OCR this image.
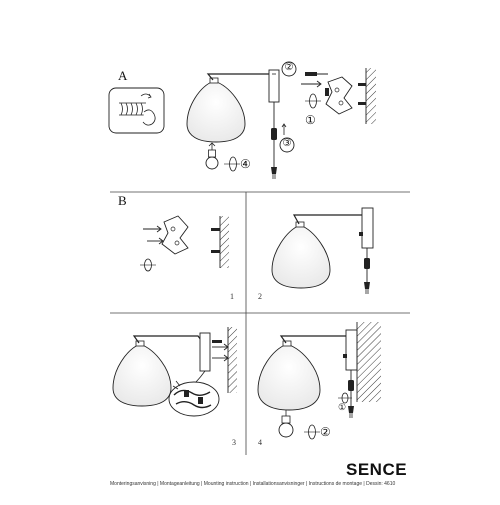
A
B
1	2
3	4
②
③
①
④
②
①
SENCE
Monteringsanvisning | Montageanleitung | Mounting instruction | Installationsanvisninger | Instructions de montage | Dessin: 4610
